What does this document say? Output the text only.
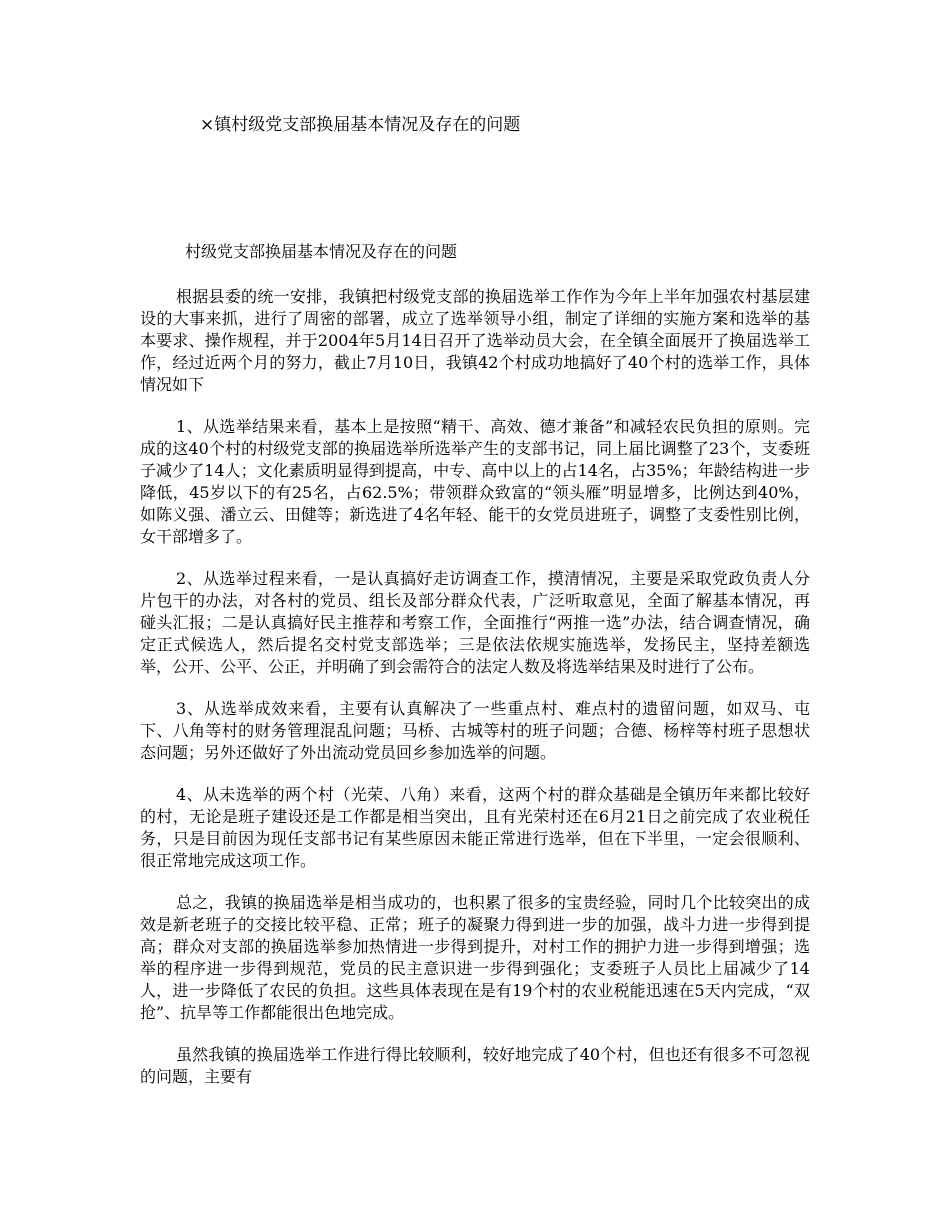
×镇村级党支部换届基本情况及存在的问题
村级党支部换届基本情况及存在的问题

根据县委的统一安排，我镇把村级党支部的换届选举工作作为今年上半年加强农村基层建设的大事来抓，进行了周密的部署，成立了选举领导小组，制定了详细的实施方案和选举的基本要求、操作规程，并于2004年5月14日召开了选举动员大会，在全镇全面展开了换届选举工作，经过近两个月的努力，截止7月10日，我镇42个村成功地搞好了40个村的选举工作，具体情况如下

1、从选举结果来看，基本上是按照“精干、高效、德才兼备”和减轻农民负担的原则。完成的这40个村的村级党支部的换届选举所选举产生的支部书记，同上届比调整了23个，支委班子减少了14人；文化素质明显得到提高，中专、高中以上的占14名，占35%；年龄结构进一步降低，45岁以下的有25名，占62.5%；带领群众致富的“领头雁”明显增多，比例达到40%，如陈义强、潘立云、田健等；新选进了4名年轻、能干的女党员进班子，调整了支委性别比例，女干部增多了。

2、从选举过程来看，一是认真搞好走访调查工作，摸清情况，主要是采取党政负责人分片包干的办法，对各村的党员、组长及部分群众代表，广泛听取意见，全面了解基本情况，再碰头汇报；二是认真搞好民主推荐和考察工作，全面推行“两推一选”办法，结合调查情况，确定正式候选人，然后提名交村党支部选举；三是依法依规实施选举，发扬民主，坚持差额选举，公开、公平、公正，并明确了到会需符合的法定人数及将选举结果及时进行了公布。

3、从选举成效来看，主要有认真解决了一些重点村、难点村的遗留问题，如双马、屯下、八角等村的财务管理混乱问题；马桥、古城等村的班子问题；合德、杨梓等村班子思想状态问题；另外还做好了外出流动党员回乡参加选举的问题。

4、从未选举的两个村（光荣、八角）来看，这两个村的群众基础是全镇历年来都比较好的村，无论是班子建设还是工作都是相当突出，且有光荣村还在6月21日之前完成了农业税任务，只是目前因为现任支部书记有某些原因未能正常进行选举，但在下半里，一定会很顺利、很正常地完成这项工作。

总之，我镇的换届选举是相当成功的，也积累了很多的宝贵经验，同时几个比较突出的成效是新老班子的交接比较平稳、正常；班子的凝聚力得到进一步的加强，战斗力进一步得到提高；群众对支部的换届选举参加热情进一步得到提升，对村工作的拥护力进一步得到增强；选举的程序进一步得到规范，党员的民主意识进一步得到强化；支委班子人员比上届减少了14人，进一步降低了农民的负担。这些具体表现在是有19个村的农业税能迅速在5天内完成，“双抢”、抗旱等工作都能很出色地完成。

虽然我镇的换届选举工作进行得比较顺利，较好地完成了40个村，但也还有很多不可忽视的问题，主要有
